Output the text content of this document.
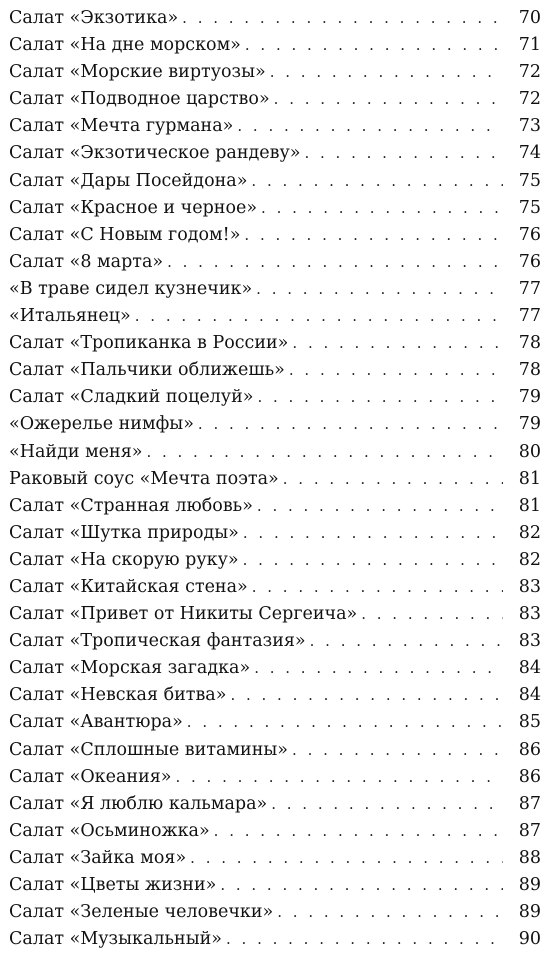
Салат «Экзотика» . . .	70
Салат «На дне морском» . . .	71
Салат «Морские виртуозы» . . .	72
Салат «Подводное царство» . . .	72
Салат «Мечта гурмана» . . .	73
Салат «Экзотическое рандеву» . . .	74
Салат «Дары Посейдона» . . .	75
Салат «Красное и черное» . . .	75
Салат «С Новым годом!» . . .	76
Салат «8 марта» . . .	76
«В траве сидел кузнечик» . . .	77
«Итальянец» . . .	77
Салат «Тропиканка в России» . . .	78
Салат «Пальчики оближешь» . . .	78
Салат «Сладкий поцелуй» . . .	79
«Ожерелье нимфы» . . .	79
«Найди меня» . . .	80
Раковый соус «Мечта поэта» . . .	81
Салат «Странная любовь» . . .	81
Салат «Шутка природы» . . .	82
Салат «На скорую руку» . . .	82
Салат «Китайская стена» . . .	83
Салат «Привет от Никиты Сергеича» . . .	83
Салат «Тропическая фантазия» . . .	83
Салат «Морская загадка» . . .	84
Салат «Невская битва» . . .	84
Салат «Авантюра» . . .	85
Салат «Сплошные витамины» . . .	86
Салат «Океания» . . .	86
Салат «Я люблю кальмара» . . .	87
Салат «Осьминожка» . . .	87
Салат «Зайка моя» . . .	88
Салат «Цветы жизни» . . .	89
Салат «Зеленые человечки» . . .	89
Салат «Музыкальный» . . .	90
